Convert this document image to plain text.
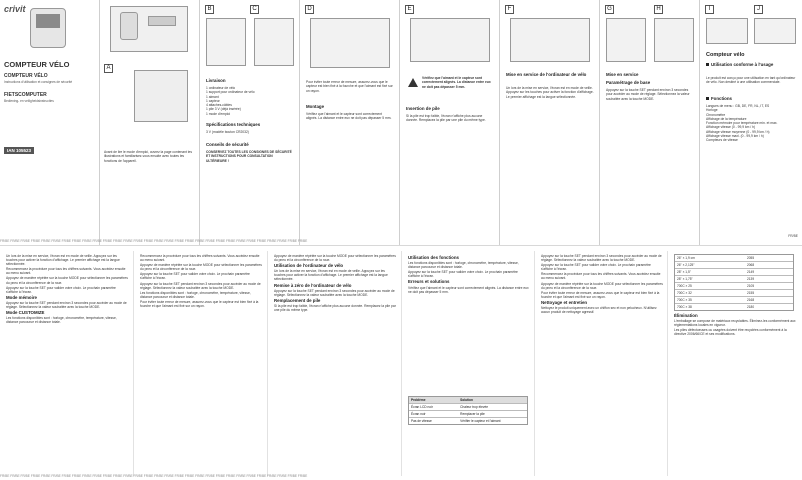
crivit
COMPTEUR VÉLO
COMPTEUR VÉLO
Instructions d'utilisation et consignes de sécurité
FIETSCOMPUTER
Bediening- en veiligheidsinstructies
IAN 105523
A
Avant de lire le mode d'emploi, ouvrez la page contenant les illustrations et familiarisez-vous ensuite avec toutes les fonctions de l'appareil.
B	C
Livraison
1 ordinateur de vélo
1 support pour ordinateur de vélo
1 aimant
1 capteur
4 attaches-câbles
1 pile 3 V (déjà insérée)
1 mode d'emploi
Spécifications techniques
3 V (modèle bouton CR2032)
Conseils de sécurité
CONSERVEZ TOUTES LES CONSIGNES DE SÉCURITÉ ET INSTRUCTIONS POUR CONSULTATION ULTÉRIEURE !
D
Pour éviter toute erreur de mesure, assurez-vous que le capteur est bien fixé à la fourche et que l'aimant est fixé sur un rayon.
Montage
Vérifiez que l'aimant et le capteur sont correctement alignés. La distance entre eux ne doit pas dépasser 5 mm.
E
Vérifiez que l'aimant et le capteur sont correctement alignés. La distance entre eux ne doit pas dépasser 5 mm.
Insertion de pile
Si la pile est trop faible, l'écran n'affiche plus aucune donnée. Remplacez la pile par une pile du même type.
F
Mise en service de l'ordinateur de vélo
Un lors de la mise en service, l'écran est en mode de veille. Appuyez sur les touches pour activer la fonction d'affichage. Le premier affichage est la langue sélectionnée.
G	H
Mise en service
Paramétrage de base
Appuyez sur la touche SET pendant environ 3 secondes pour accéder au mode de réglage. Sélectionnez la valeur souhaitée avec la touche MODE.
I	J
Compteur vélo
Utilisation conforme à l'usage
Le produit est conçu pour une utilisation en tant qu'ordinateur de vélo. Non destiné à une utilisation commerciale.
Fonctions
Langues de menu : GB, DE, FR, NL, IT, ES
Horloge
Chronomètre
Affichage de la température
Fonction mémoire pour température min. et max.
Affichage vitesse (0 - 99,9 km / h)
Affichage vitesse moyenne (0 - 99,9 km / h)
Affichage vitesse maxi. (0 - 99,9 km / h)
Compteurs de vitesse
FR/BE
FR/BE FR/BE FR/BE FR/BE FR/BE FR/BE FR/BE FR/BE FR/BE FR/BE FR/BE FR/BE FR/BE FR/BE FR/BE FR/BE FR/BE FR/BE FR/BE FR/BE FR/BE FR/BE FR/BE FR/BE FR/BE FR/BE FR/BE FR/BE FR/BE FR/BE

Un lors de la mise en service, l'écran est en mode de veille. Appuyez sur les touches pour activer la fonction d'affichage. Le premier affichage est la langue sélectionnée.

Recommencez la procédure pour tous les chiffres suivants. Vous accédez ensuite au menu suivant.

Appuyez de manière répétée sur la touche MODE pour sélectionner les paramètres du pneu et la circonférence de la roue.

Appuyez sur la touche SET pour valider votre choix. Le prochain paramètre s'affiche à l'écran.

Mode mémoire

Appuyez sur la touche SET pendant environ 3 secondes pour accéder au mode de réglage. Sélectionnez la valeur souhaitée avec la touche MODE.

Mode CUSTOMIZE

Les fonctions disponibles sont : horloge, chronomètre, température, vitesse, distance parcourue et distance totale.

Recommencez la procédure pour tous les chiffres suivants. Vous accédez ensuite au menu suivant.

Appuyez de manière répétée sur la touche MODE pour sélectionner les paramètres du pneu et la circonférence de la roue.

Appuyez sur la touche SET pour valider votre choix. Le prochain paramètre s'affiche à l'écran.

Appuyez sur la touche SET pendant environ 3 secondes pour accéder au mode de réglage. Sélectionnez la valeur souhaitée avec la touche MODE.

Les fonctions disponibles sont : horloge, chronomètre, température, vitesse, distance parcourue et distance totale.

Pour éviter toute erreur de mesure, assurez-vous que le capteur est bien fixé à la fourche et que l'aimant est fixé sur un rayon.

Appuyez de manière répétée sur la touche MODE pour sélectionner les paramètres du pneu et la circonférence de la roue.

Utilisation de l'ordinateur de vélo

Un lors de la mise en service, l'écran est en mode de veille. Appuyez sur les touches pour activer la fonction d'affichage. Le premier affichage est la langue sélectionnée.

Remise à zéro de l'ordinateur de vélo

Appuyez sur la touche SET pendant environ 3 secondes pour accéder au mode de réglage. Sélectionnez la valeur souhaitée avec la touche MODE.

Remplacement de pile

Si la pile est trop faible, l'écran n'affiche plus aucune donnée. Remplacez la pile par une pile du même type.

Utilisation des fonctions

Les fonctions disponibles sont : horloge, chronomètre, température, vitesse, distance parcourue et distance totale.

Appuyez sur la touche SET pour valider votre choix. Le prochain paramètre s'affiche à l'écran.

Erreurs et solutions

Vérifiez que l'aimant et le capteur sont correctement alignés. La distance entre eux ne doit pas dépasser 5 mm.

Problème	Solution
Écran LCD noir	Chaleur trop élevée
Écran noir	Remplacer la pile
Pas de vitesse	Vérifier le capteur et l'aimant

Appuyez sur la touche SET pendant environ 3 secondes pour accéder au mode de réglage. Sélectionnez la valeur souhaitée avec la touche MODE.

Appuyez sur la touche SET pour valider votre choix. Le prochain paramètre s'affiche à l'écran.

Recommencez la procédure pour tous les chiffres suivants. Vous accédez ensuite au menu suivant.

Appuyez de manière répétée sur la touche MODE pour sélectionner les paramètres du pneu et la circonférence de la roue.

Pour éviter toute erreur de mesure, assurez-vous que le capteur est bien fixé à la fourche et que l'aimant est fixé sur un rayon.

Nettoyage et entretien

Nettoyez le produit uniquement avec un chiffon sec et non pelucheux. N'utilisez aucun produit de nettoyage agressif.

26" × 1,9 cm	2055
26" × 2,125"	2068
28" × 1,5"	2149
28" × 1,75"	2139
700C × 25	2105
700C × 32	2155
700C × 35	2168
700C × 38	2180
Élimination

L'emballage se compose de matériaux recyclables. Éliminez-les conformément aux réglementations locales en vigueur.

Les piles défectueuses ou usagées doivent être recyclées conformément à la directive 2006/66/CE et ses modifications.

FR/BE FR/BE FR/BE FR/BE FR/BE FR/BE FR/BE FR/BE FR/BE FR/BE FR/BE FR/BE FR/BE FR/BE FR/BE FR/BE FR/BE FR/BE FR/BE FR/BE FR/BE FR/BE FR/BE FR/BE FR/BE FR/BE FR/BE FR/BE FR/BE FR/BE
